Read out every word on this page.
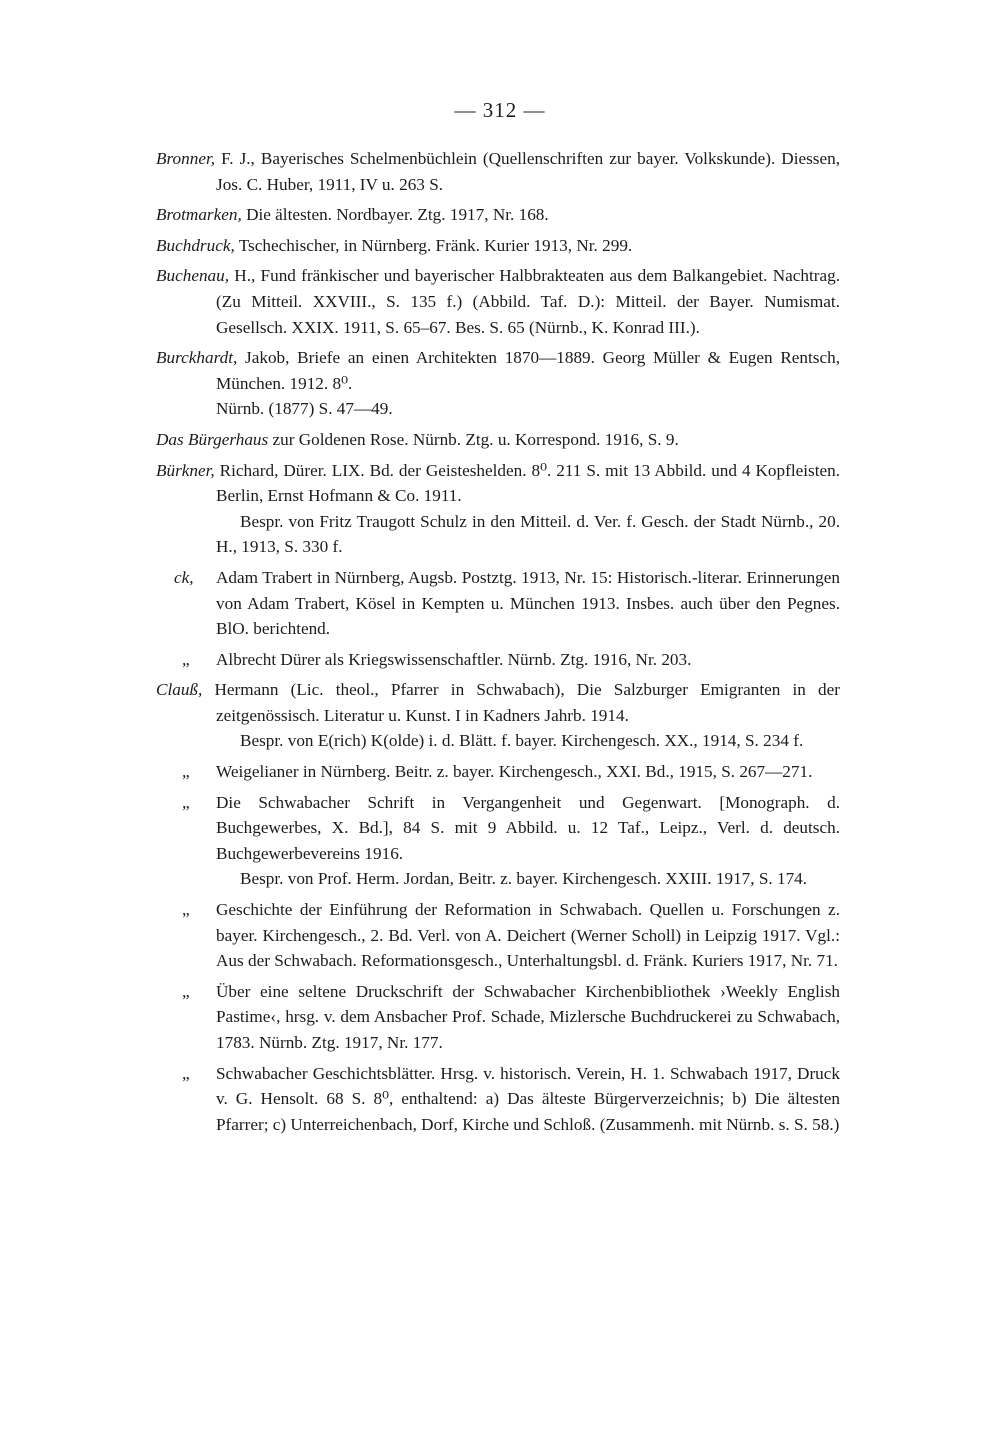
— 312 —
Bronner, F. J., Bayerisches Schelmenbüchlein (Quellenschriften zur bayer. Volkskunde). Diessen, Jos. C. Huber, 1911, IV u. 263 S.
Brotmarken, Die ältesten. Nordbayer. Ztg. 1917, Nr. 168.
Buchdruck, Tschechischer, in Nürnberg. Fränk. Kurier 1913, Nr. 299.
Buchenau, H., Fund fränkischer und bayerischer Halbbrakteaten aus dem Balkangebiet. Nachtrag. (Zu Mitteil. XXVIII., S. 135 f.) (Abbild. Taf. D.): Mitteil. der Bayer. Numismat. Gesellsch. XXIX. 1911, S. 65–67. Bes. S. 65 (Nürnb., K. Konrad III.).
Burckhardt, Jakob, Briefe an einen Architekten 1870—1889. Georg Müller & Eugen Rentsch, München. 1912. 8⁰.
Nürnb. (1877) S. 47—49.
Das Bürgerhaus zur Goldenen Rose. Nürnb. Ztg. u. Korrespond. 1916, S. 9.
Bürkner, Richard, Dürer. LIX. Bd. der Geisteshelden. 8⁰. 211 S. mit 13 Abbild. und 4 Kopfleisten. Berlin, Ernst Hofmann & Co. 1911.
Bespr. von Fritz Traugott Schulz in den Mitteil. d. Ver. f. Gesch. der Stadt Nürnb., 20. H., 1913, S. 330 f.
ck, Adam Trabert in Nürnberg, Augsb. Postztg. 1913, Nr. 15: Historisch.-literar. Erinnerungen von Adam Trabert, Kösel in Kempten u. München 1913. Insbes. auch über den Pegnes. BlO. berichtend.
„ Albrecht Dürer als Kriegswissenschaftler. Nürnb. Ztg. 1916, Nr. 203.
Clauß, Hermann (Lic. theol., Pfarrer in Schwabach), Die Salzburger Emigranten in der zeitgenössisch. Literatur u. Kunst. I in Kadners Jahrb. 1914.
Bespr. von E(rich) K(olde) i. d. Blätt. f. bayer. Kirchengesch. XX., 1914, S. 234 f.
„ Weigelianer in Nürnberg. Beitr. z. bayer. Kirchengesch., XXI. Bd., 1915, S. 267—271.
„ Die Schwabacher Schrift in Vergangenheit und Gegenwart. [Monograph. d. Buchgewerbes, X. Bd.], 84 S. mit 9 Abbild. u. 12 Taf., Leipz., Verl. d. deutsch. Buchgewerbevereins 1916.
Bespr. von Prof. Herm. Jordan, Beitr. z. bayer. Kirchengesch. XXIII. 1917, S. 174.
„ Geschichte der Einführung der Reformation in Schwabach. Quellen u. Forschungen z. bayer. Kirchengesch., 2. Bd. Verl. von A. Deichert (Werner Scholl) in Leipzig 1917. Vgl.: Aus der Schwabach. Reformationsgesch., Unterhaltungsbl. d. Fränk. Kuriers 1917, Nr. 71.
„ Über eine seltene Druckschrift der Schwabacher Kirchenbibliothek ›Weekly English Pastime‹, hrsg. v. dem Ansbacher Prof. Schade, Mizlersche Buchdruckerei zu Schwabach, 1783. Nürnb. Ztg. 1917, Nr. 177.
„ Schwabacher Geschichtsblätter. Hrsg. v. historisch. Verein, H. 1. Schwabach 1917, Druck v. G. Hensolt. 68 S. 8⁰, enthaltend: a) Das älteste Bürgerverzeichnis; b) Die ältesten Pfarrer; c) Unterreichenbach, Dorf, Kirche und Schloß. (Zusammenh. mit Nürnb. s. S. 58.)
